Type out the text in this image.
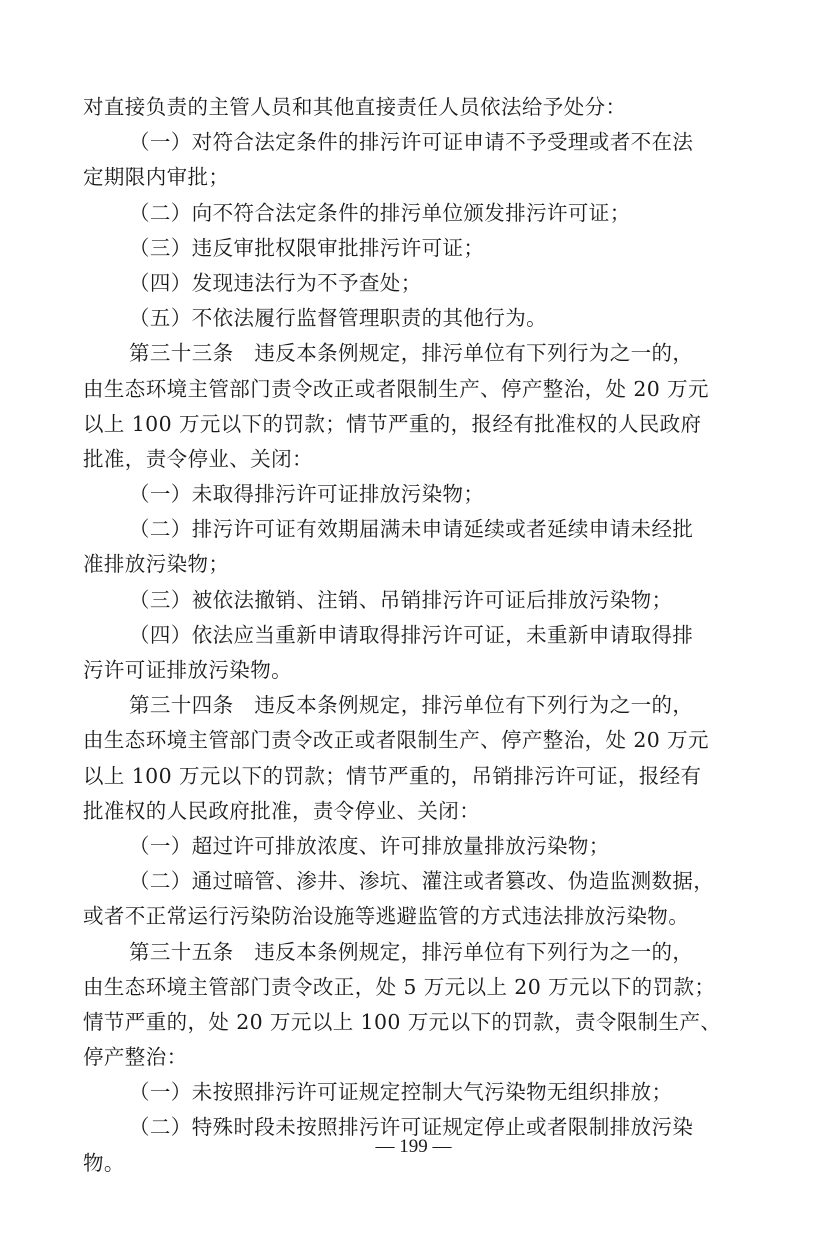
对直接负责的主管人员和其他直接责任人员依法给予处分：
（一）对符合法定条件的排污许可证申请不予受理或者不在法
定期限内审批；
（二）向不符合法定条件的排污单位颁发排污许可证；
（三）违反审批权限审批排污许可证；
（四）发现违法行为不予查处；
（五）不依法履行监督管理职责的其他行为。
第三十三条　违反本条例规定，排污单位有下列行为之一的，
由生态环境主管部门责令改正或者限制生产、停产整治，处 20 万元
以上 100 万元以下的罚款；情节严重的，报经有批准权的人民政府
批准，责令停业、关闭：
（一）未取得排污许可证排放污染物；
（二）排污许可证有效期届满未申请延续或者延续申请未经批
准排放污染物；
（三）被依法撤销、注销、吊销排污许可证后排放污染物；
（四）依法应当重新申请取得排污许可证，未重新申请取得排
污许可证排放污染物。
第三十四条　违反本条例规定，排污单位有下列行为之一的，
由生态环境主管部门责令改正或者限制生产、停产整治，处 20 万元
以上 100 万元以下的罚款；情节严重的，吊销排污许可证，报经有
批准权的人民政府批准，责令停业、关闭：
（一）超过许可排放浓度、许可排放量排放污染物；
（二）通过暗管、渗井、渗坑、灌注或者篡改、伪造监测数据，
或者不正常运行污染防治设施等逃避监管的方式违法排放污染物。
第三十五条　违反本条例规定，排污单位有下列行为之一的，
由生态环境主管部门责令改正，处 5 万元以上 20 万元以下的罚款；
情节严重的，处 20 万元以上 100 万元以下的罚款，责令限制生产、
停产整治：
（一）未按照排污许可证规定控制大气污染物无组织排放；
（二）特殊时段未按照排污许可证规定停止或者限制排放污染
物。
— 199 —
